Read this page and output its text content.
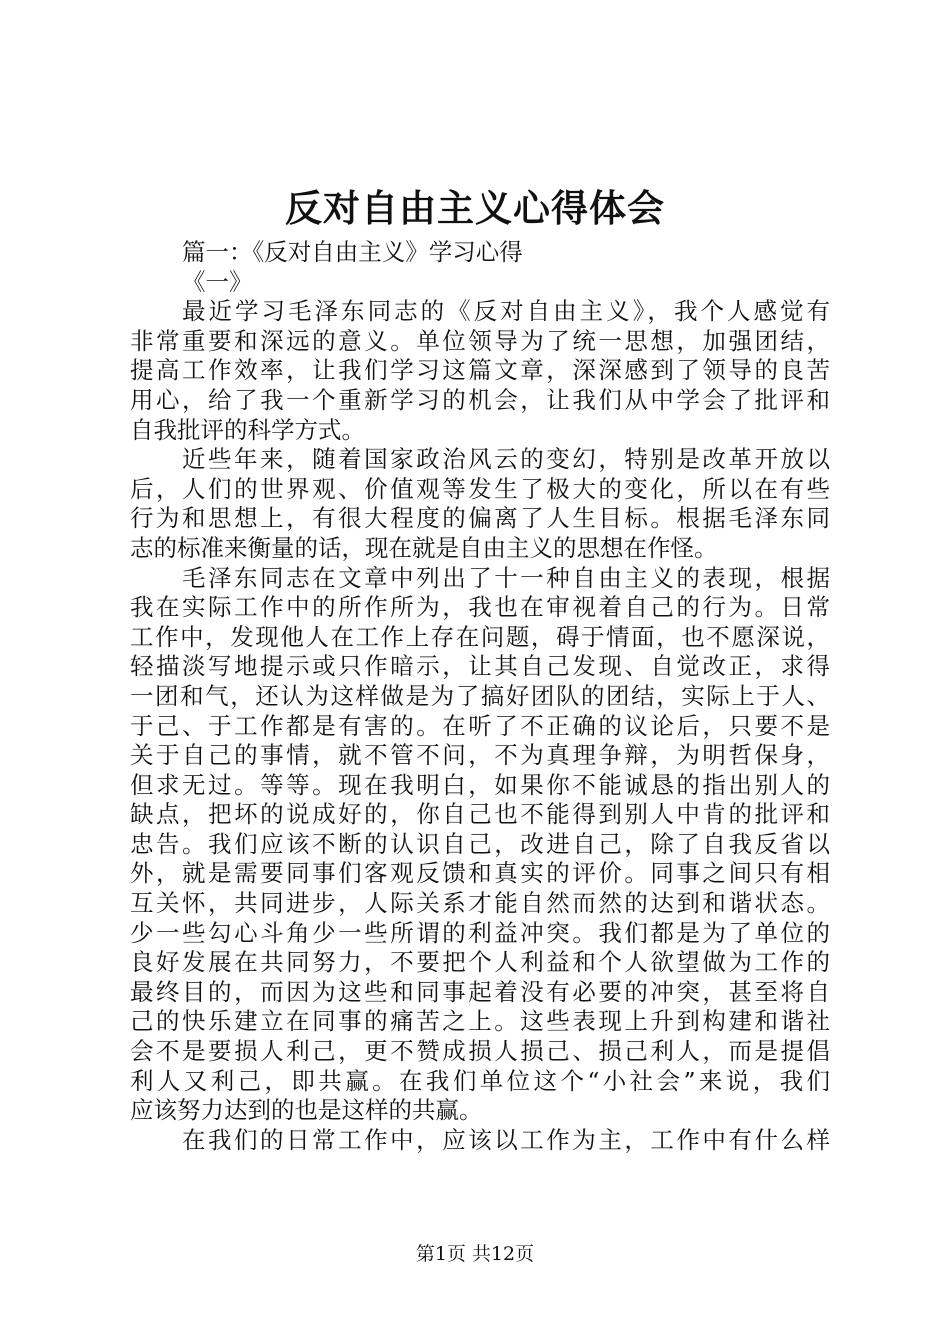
反对自由主义心得体会
篇一：《反对自由主义》学习心得
《一》
最近学习毛泽东同志的《反对自由主义》，我个人感觉有
非常重要和深远的意义。单位领导为了统一思想，加强团结，
提高工作效率，让我们学习这篇文章，深深感到了领导的良苦
用心，给了我一个重新学习的机会，让我们从中学会了批评和
自我批评的科学方式。
近些年来，随着国家政治风云的变幻，特别是改革开放以
后，人们的世界观、价值观等发生了极大的变化，所以在有些
行为和思想上，有很大程度的偏离了人生目标。根据毛泽东同
志的标准来衡量的话，现在就是自由主义的思想在作怪。
毛泽东同志在文章中列出了十一种自由主义的表现，根据
我在实际工作中的所作所为，我也在审视着自己的行为。日常
工作中，发现他人在工作上存在问题，碍于情面，也不愿深说，
轻描淡写地提示或只作暗示，让其自己发现、自觉改正，求得
一团和气，还认为这样做是为了搞好团队的团结，实际上于人、
于己、于工作都是有害的。在听了不正确的议论后，只要不是
关于自己的事情，就不管不问，不为真理争辩，为明哲保身，
但求无过。等等。现在我明白，如果你不能诚恳的指出别人的
缺点，把坏的说成好的，你自己也不能得到别人中肯的批评和
忠告。我们应该不断的认识自己，改进自己，除了自我反省以
外，就是需要同事们客观反馈和真实的评价。同事之间只有相
互关怀，共同进步，人际关系才能自然而然的达到和谐状态。
少一些勾心斗角少一些所谓的利益冲突。我们都是为了单位的
良好发展在共同努力，不要把个人利益和个人欲望做为工作的
最终目的，而因为这些和同事起着没有必要的冲突，甚至将自
己的快乐建立在同事的痛苦之上。这些表现上升到构建和谐社
会不是要损人利己，更不赞成损人损己、损己利人，而是提倡
利人又利己，即共赢。在我们单位这个“小社会”来说，我们
应该努力达到的也是这样的共赢。
在我们的日常工作中，应该以工作为主，工作中有什么样
第1页 共12页
